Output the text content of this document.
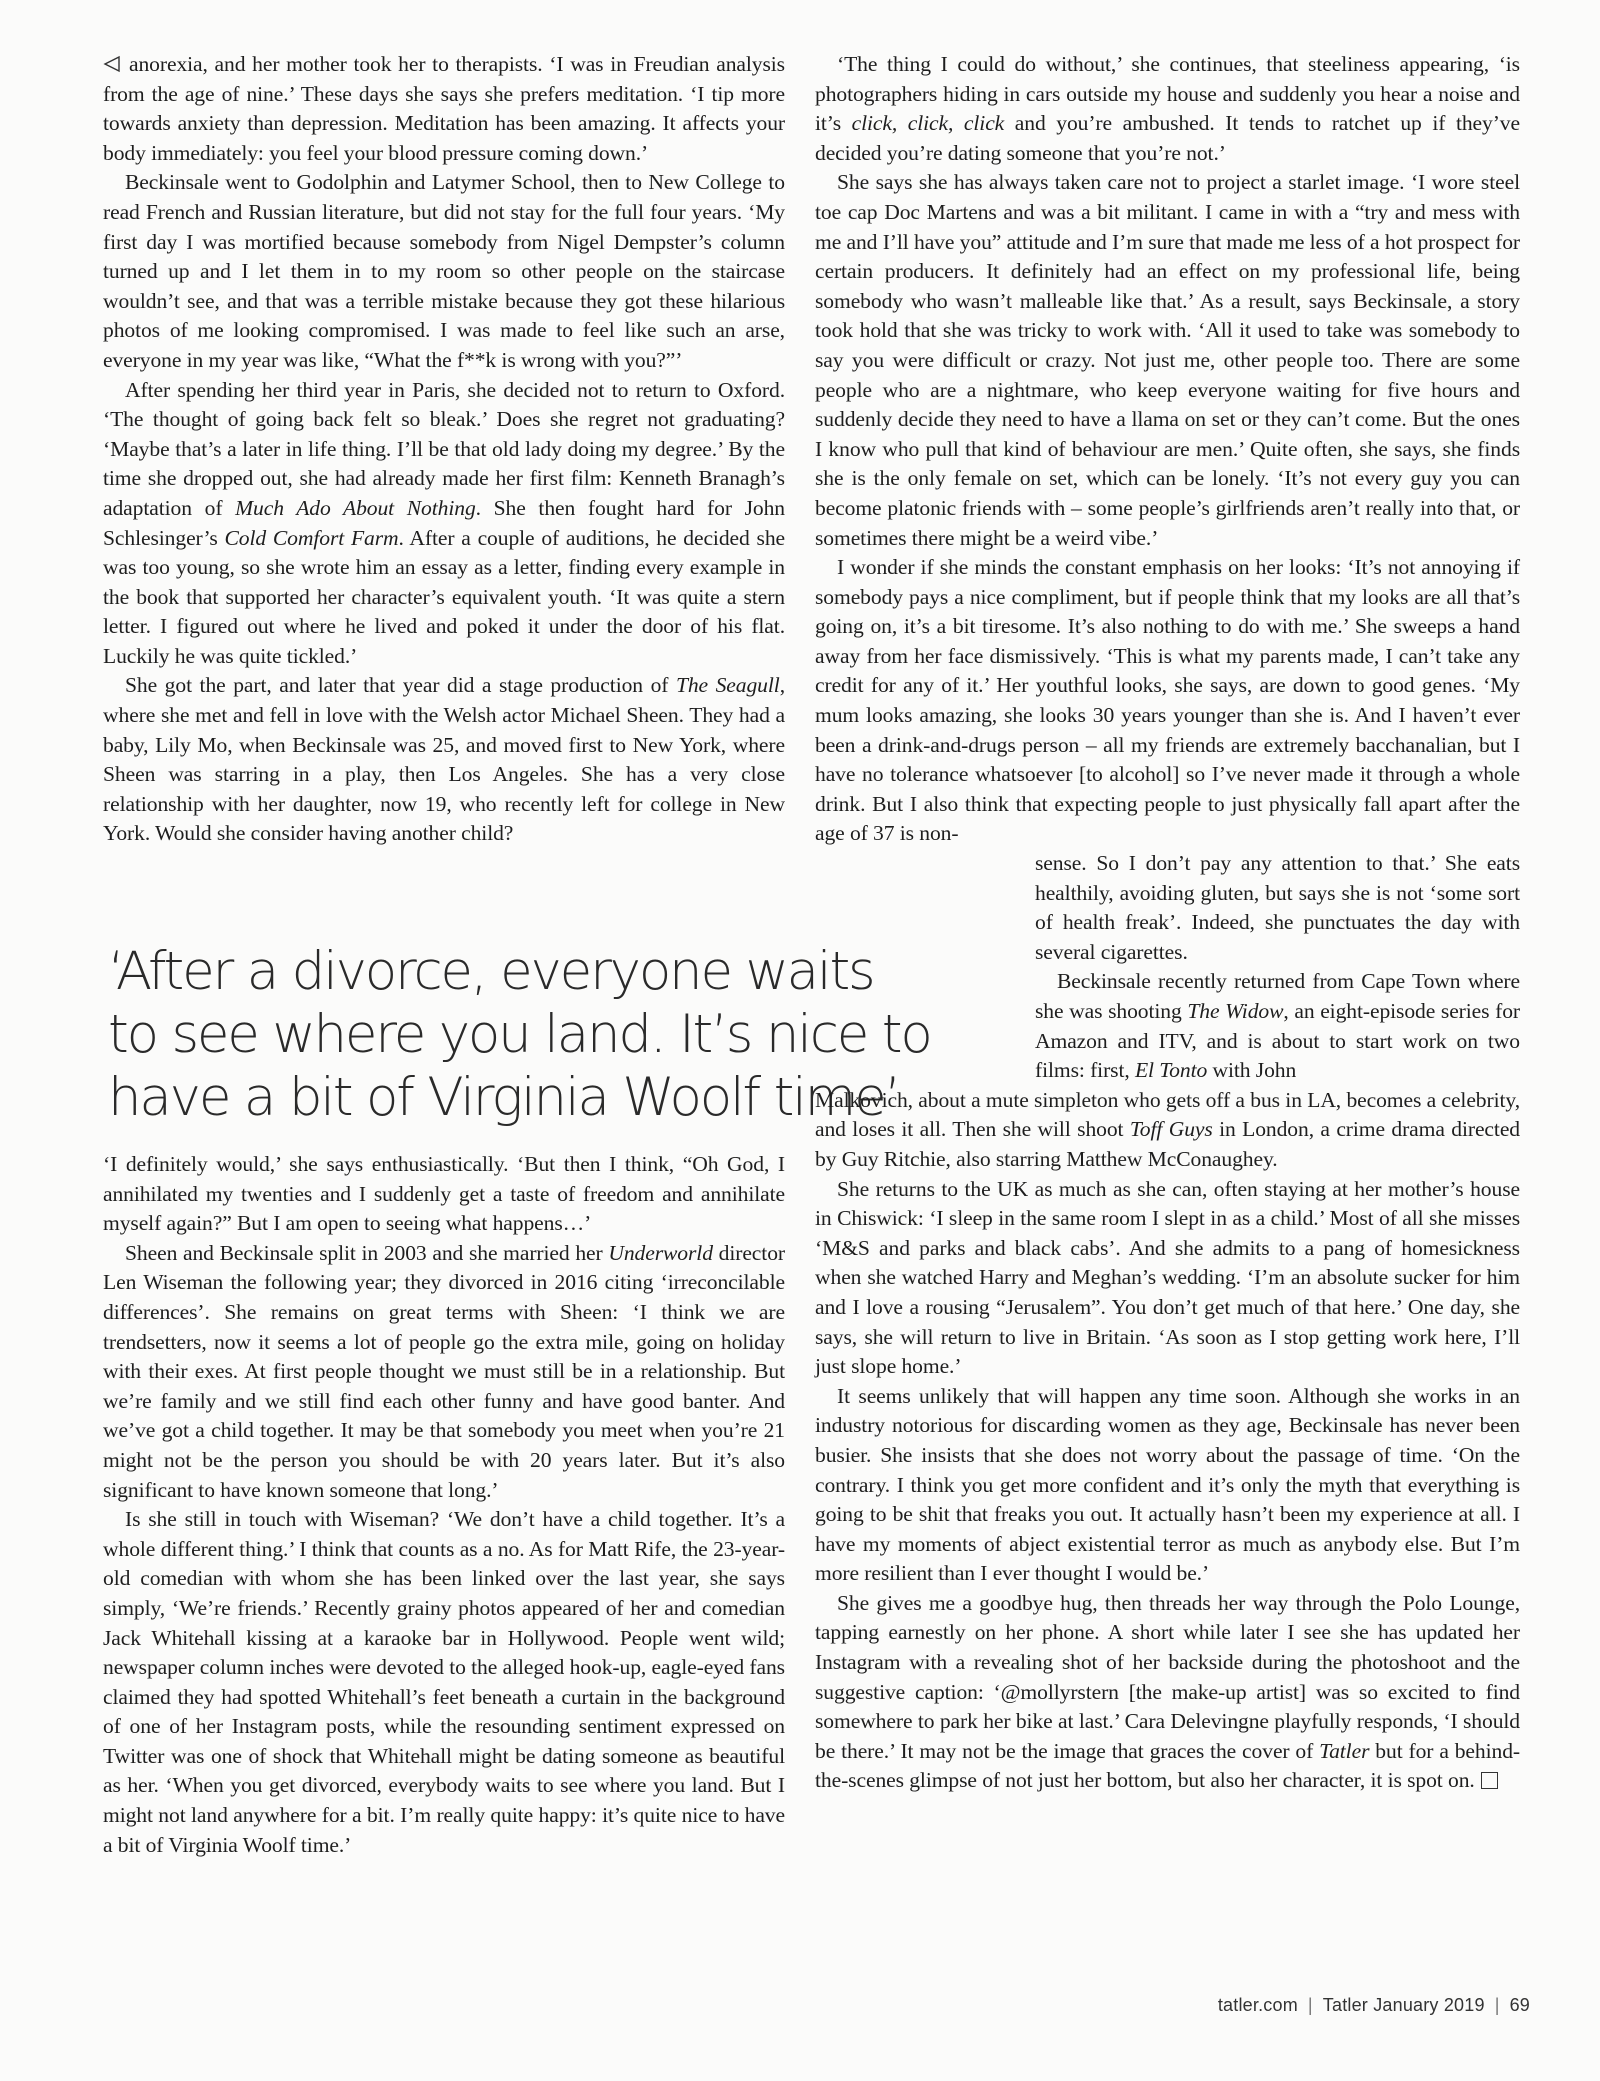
anorexia, and her mother took her to therapists. ‘I was in Freudian analysis from the age of nine.’ These days she says she prefers meditation. ‘I tip more towards anxiety than depression. Meditation has been amazing. It affects your body immediately: you feel your blood pressure coming down.’

Beckinsale went to Godolphin and Latymer School, then to New College to read French and Russian literature, but did not stay for the full four years. ‘My first day I was mortified because somebody from Nigel Dempster’s column turned up and I let them in to my room so other people on the staircase wouldn’t see, and that was a terrible mistake because they got these hilarious photos of me looking compromised. I was made to feel like such an arse, everyone in my year was like, “What the f**k is wrong with you?”’

After spending her third year in Paris, she decided not to return to Oxford. ‘The thought of going back felt so bleak.’ Does she regret not graduating? ‘Maybe that’s a later in life thing. I’ll be that old lady doing my degree.’ By the time she dropped out, she had already made her first film: Kenneth Branagh’s adaptation of Much Ado About Nothing. She then fought hard for John Schlesinger’s Cold Comfort Farm. After a couple of auditions, he decided she was too young, so she wrote him an essay as a letter, finding every example in the book that supported her character’s equivalent youth. ‘It was quite a stern letter. I figured out where he lived and poked it under the door of his flat. Luckily he was quite tickled.’

She got the part, and later that year did a stage production of The Seagull, where she met and fell in love with the Welsh actor Michael Sheen. They had a baby, Lily Mo, when Beckinsale was 25, and moved first to New York, where Sheen was starring in a play, then Los Angeles. She has a very close relationship with her daughter, now 19, who recently left for college in New York. Would she consider having another child?

‘After a divorce, everyone waits
to see where you land. It’s nice to
have a bit of Virginia Woolf time’

‘I definitely would,’ she says enthusiastically. ‘But then I think, “Oh God, I annihilated my twenties and I suddenly get a taste of freedom and annihilate myself again?” But I am open to seeing what happens…’

Sheen and Beckinsale split in 2003 and she married her Underworld director Len Wiseman the following year; they divorced in 2016 citing ‘irreconcilable differences’. She remains on great terms with Sheen: ‘I think we are trendsetters, now it seems a lot of people go the extra mile, going on holiday with their exes. At first people thought we must still be in a relationship. But we’re family and we still find each other funny and have good banter. And we’ve got a child together. It may be that somebody you meet when you’re 21 might not be the person you should be with 20 years later. But it’s also significant to have known someone that long.’

Is she still in touch with Wiseman? ‘We don’t have a child together. It’s a whole different thing.’ I think that counts as a no. As for Matt Rife, the 23-year-old comedian with whom she has been linked over the last year, she says simply, ‘We’re friends.’ Recently grainy photos appeared of her and comedian Jack Whitehall kissing at a karaoke bar in Hollywood. People went wild; newspaper column inches were devoted to the alleged hook-up, eagle-eyed fans claimed they had spotted Whitehall’s feet beneath a curtain in the background of one of her Instagram posts, while the resounding sentiment expressed on Twitter was one of shock that Whitehall might be dating someone as beautiful as her. ‘When you get divorced, everybody waits to see where you land. But I might not land anywhere for a bit. I’m really quite happy: it’s quite nice to have a bit of Virginia Woolf time.’

‘The thing I could do without,’ she continues, that steeliness appearing, ‘is photographers hiding in cars outside my house and suddenly you hear a noise and it’s click, click, click and you’re ambushed. It tends to ratchet up if they’ve decided you’re dating someone that you’re not.’

She says she has always taken care not to project a starlet image. ‘I wore steel toe cap Doc Martens and was a bit militant. I came in with a “try and mess with me and I’ll have you” attitude and I’m sure that made me less of a hot prospect for certain producers. It definitely had an effect on my professional life, being somebody who wasn’t malleable like that.’ As a result, says Beckinsale, a story took hold that she was tricky to work with. ‘All it used to take was somebody to say you were difficult or crazy. Not just me, other people too. There are some people who are a nightmare, who keep everyone waiting for five hours and suddenly decide they need to have a llama on set or they can’t come. But the ones I know who pull that kind of behaviour are men.’ Quite often, she says, she finds she is the only female on set, which can be lonely. ‘It’s not every guy you can become platonic friends with – some people’s girlfriends aren’t really into that, or sometimes there might be a weird vibe.’

I wonder if she minds the constant emphasis on her looks: ‘It’s not annoying if somebody pays a nice compliment, but if people think that my looks are all that’s going on, it’s a bit tiresome. It’s also nothing to do with me.’ She sweeps a hand away from her face dismissively. ‘This is what my parents made, I can’t take any credit for any of it.’ Her youthful looks, she says, are down to good genes. ‘My mum looks amazing, she looks 30 years younger than she is. And I haven’t ever been a drink-and-drugs person – all my friends are extremely bacchanalian, but I have no tolerance whatsoever [to alcohol] so I’ve never made it through a whole drink. But I also think that expecting people to just physically fall apart after the age of 37 is non-

sense. So I don’t pay any attention to that.’ She eats healthily, avoiding gluten, but says she is not ‘some sort of health freak’. Indeed, she punctuates the day with several cigarettes.

Beckinsale recently returned from Cape Town where she was shooting The Widow, an eight-episode series for Amazon and ITV, and is about to start work on two films: first, El Tonto with John

Malkovich, about a mute simpleton who gets off a bus in LA, becomes a celebrity, and loses it all. Then she will shoot Toff Guys in London, a crime drama directed by Guy Ritchie, also starring Matthew McConaughey.

She returns to the UK as much as she can, often staying at her mother’s house in Chiswick: ‘I sleep in the same room I slept in as a child.’ Most of all she misses ‘M&S and parks and black cabs’. And she admits to a pang of homesickness when she watched Harry and Meghan’s wedding. ‘I’m an absolute sucker for him and I love a rousing “Jerusalem”. You don’t get much of that here.’ One day, she says, she will return to live in Britain. ‘As soon as I stop getting work here, I’ll just slope home.’

It seems unlikely that will happen any time soon. Although she works in an industry notorious for discarding women as they age, Beckinsale has never been busier. She insists that she does not worry about the passage of time. ‘On the contrary. I think you get more confident and it’s only the myth that everything is going to be shit that freaks you out. It actually hasn’t been my experience at all. I have my moments of abject existential terror as much as anybody else. But I’m more resilient than I ever thought I would be.’

She gives me a goodbye hug, then threads her way through the Polo Lounge, tapping earnestly on her phone. A short while later I see she has updated her Instagram with a revealing shot of her backside during the photoshoot and the suggestive caption: ‘@mollyrstern [the make-up artist] was so excited to find somewhere to park her bike at last.’ Cara Delevingne playfully responds, ‘I should be there.’ It may not be the image that graces the cover of Tatler but for a behind-the-scenes glimpse of not just her bottom, but also her character, it is spot on.

tatler.com | Tatler January 2019 | 69
